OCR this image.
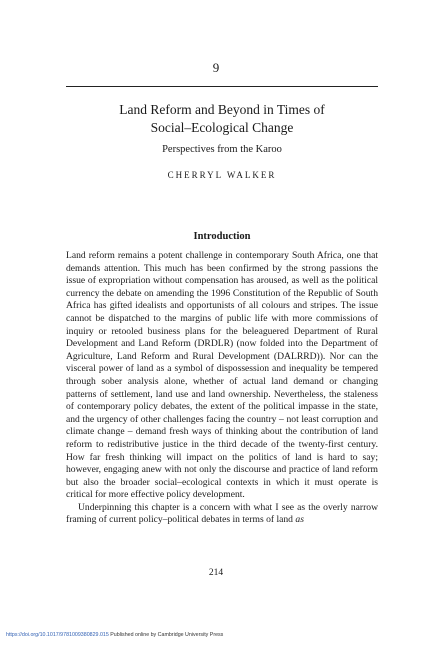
9
Land Reform and Beyond in Times of
Social–Ecological Change
Perspectives from the Karoo
CHERRYL WALKER
Introduction

Land reform remains a potent challenge in contemporary South Africa, one that demands attention. This much has been confirmed by the strong passions the issue of expropriation without compensation has aroused, as well as the political currency the debate on amending the 1996 Constitution of the Republic of South Africa has gifted idealists and opportunists of all colours and stripes. The issue cannot be dispatched to the margins of public life with more commissions of inquiry or retooled business plans for the beleaguered Department of Rural Development and Land Reform (DRDLR) (now folded into the Department of Agriculture, Land Reform and Rural Development (DALRRD)). Nor can the visceral power of land as a symbol of dispossession and inequality be tempered through sober analysis alone, whether of actual land demand or changing patterns of settlement, land use and land ownership. Nevertheless, the staleness of contemporary policy debates, the extent of the political impasse in the state, and the urgency of other challenges facing the country – not least corruption and climate change – demand fresh ways of thinking about the contribution of land reform to redistributive justice in the third decade of the twenty-first century. How far fresh thinking will impact on the politics of land is hard to say; however, engaging anew with not only the discourse and practice of land reform but also the broader social–ecological contexts in which it must operate is critical for more effective policy development.

Underpinning this chapter is a concern with what I see as the overly narrow framing of current policy–political debates in terms of land as

214
https://doi.org/10.1017/9781009380829.015 Published online by Cambridge University Press
